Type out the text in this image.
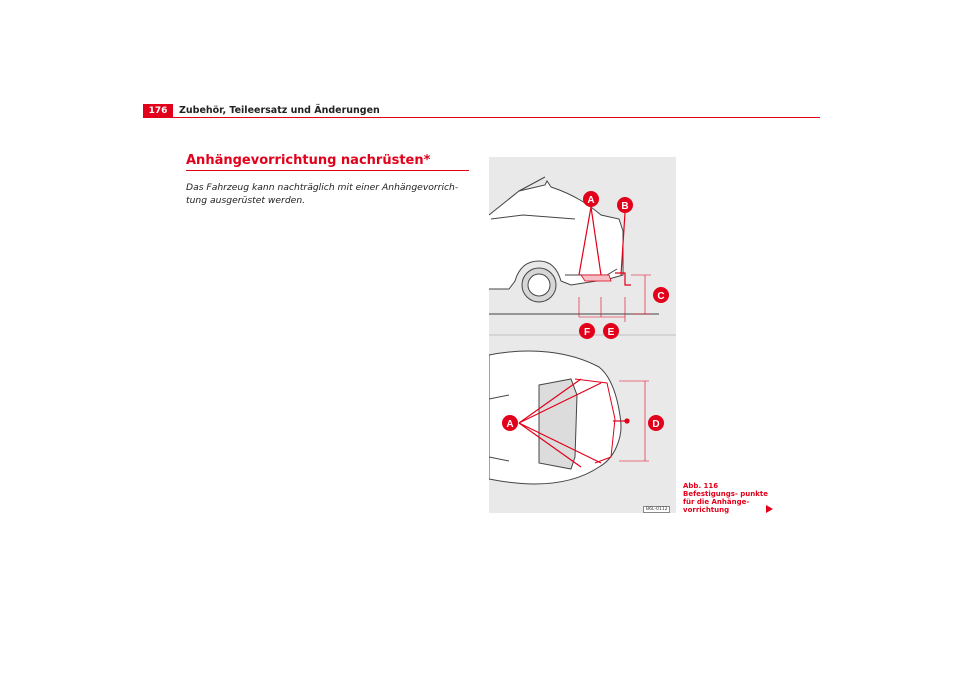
176	Zubehör, Teileersatz und Änderungen
Anhängevorrichtung nachrüsten*
Das Fahrzeug kann nachträglich mit einer Anhängevorrich- tung ausgerüstet werden.	A
B
C
F E
A	D
B6L-0112
Abb. 116 Befestigungs- punkte für die Anhänge- vorrichtung
